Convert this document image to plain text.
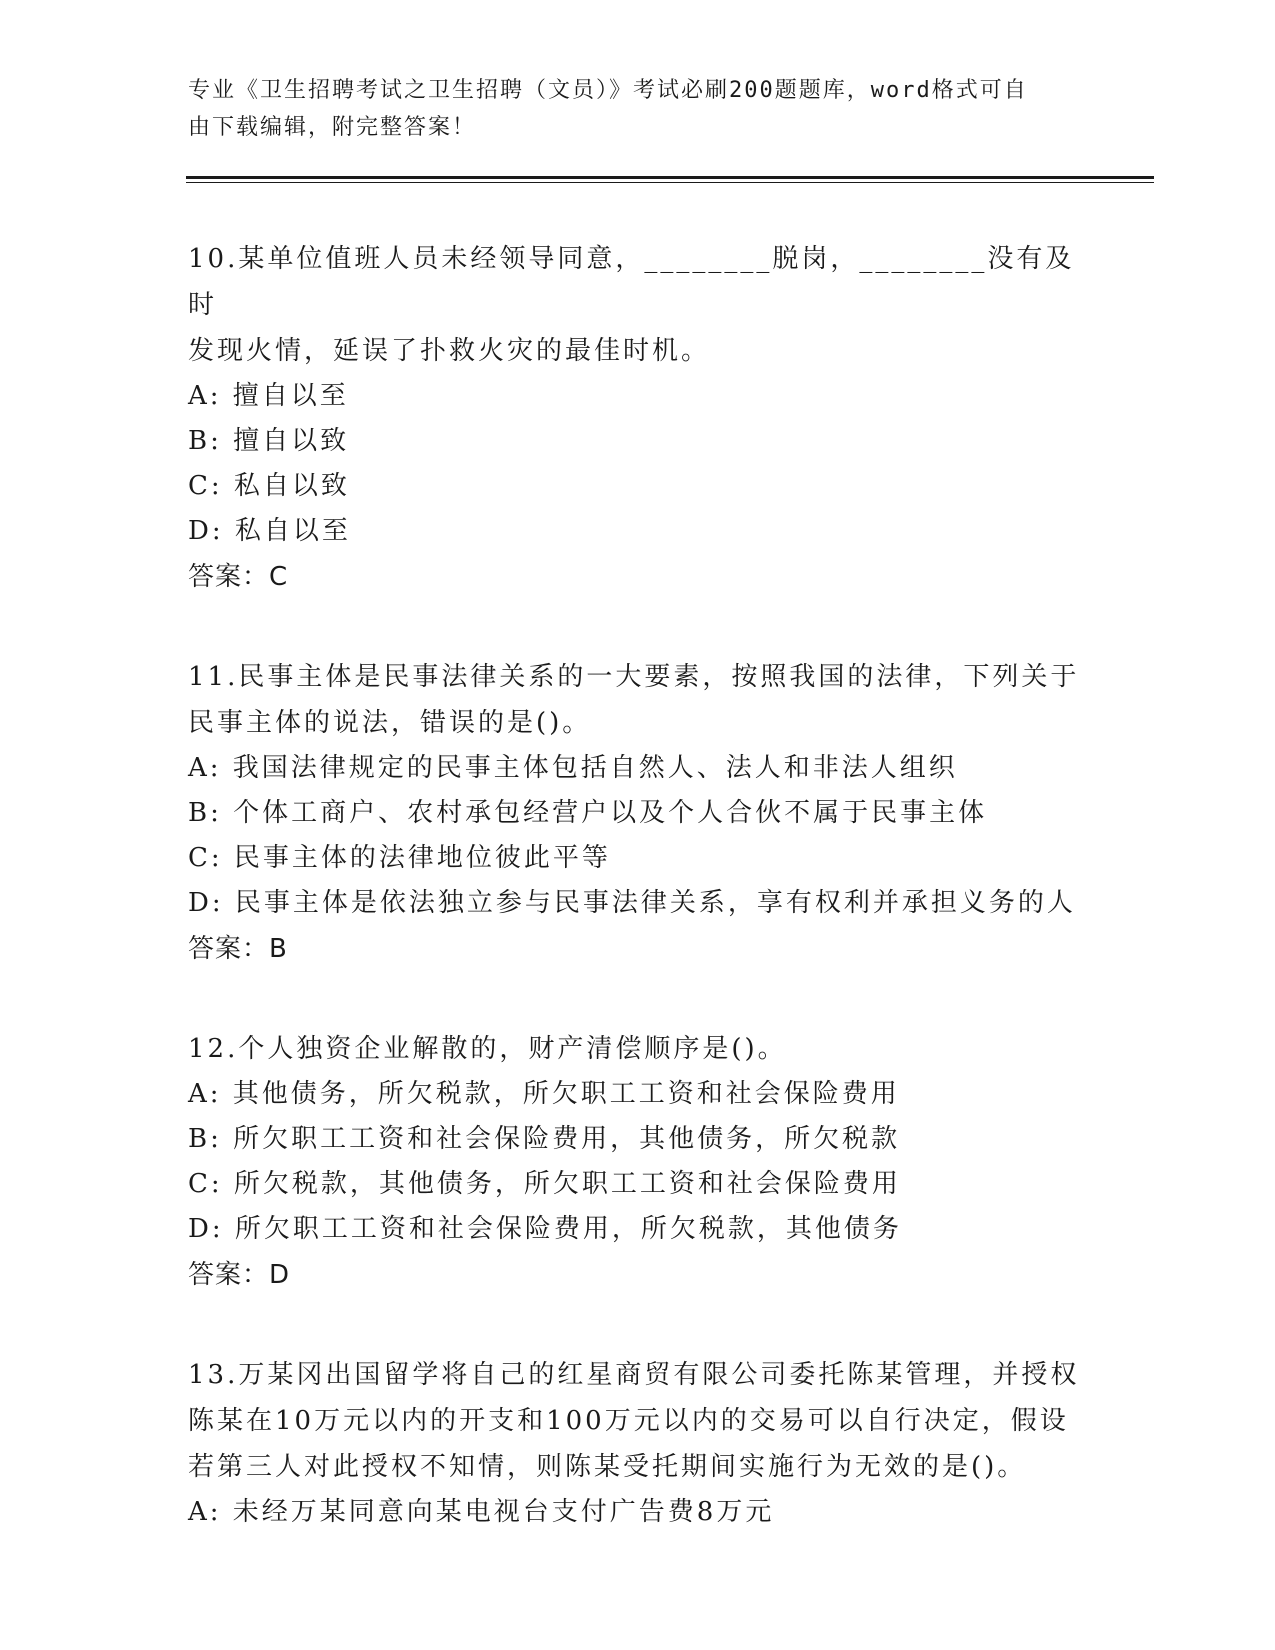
专业《卫生招聘考试之卫生招聘（文员）》考试必刷200题题库，word格式可自
由下载编辑，附完整答案！

10.某单位值班人员未经领导同意，________脱岗，________没有及时
发现火情，延误了扑救火灾的最佳时机。

A: 擅自以至

B: 擅自以致

C: 私自以致

D: 私自以至

答案：C

11.民事主体是民事法律关系的一大要素，按照我国的法律，下列关于
民事主体的说法，错误的是()。

A: 我国法律规定的民事主体包括自然人、法人和非法人组织

B: 个体工商户、农村承包经营户以及个人合伙不属于民事主体

C: 民事主体的法律地位彼此平等

D: 民事主体是依法独立参与民事法律关系，享有权利并承担义务的人

答案：B

12.个人独资企业解散的，财产清偿顺序是()。

A: 其他债务，所欠税款，所欠职工工资和社会保险费用

B: 所欠职工工资和社会保险费用，其他债务，所欠税款

C: 所欠税款，其他债务，所欠职工工资和社会保险费用

D: 所欠职工工资和社会保险费用，所欠税款，其他债务

答案：D

13.万某冈出国留学将自己的红星商贸有限公司委托陈某管理，并授权
陈某在10万元以内的开支和100万元以内的交易可以自行决定，假设
若第三人对此授权不知情，则陈某受托期间实施行为无效的是()。

A: 未经万某同意向某电视台支付广告费8万元
